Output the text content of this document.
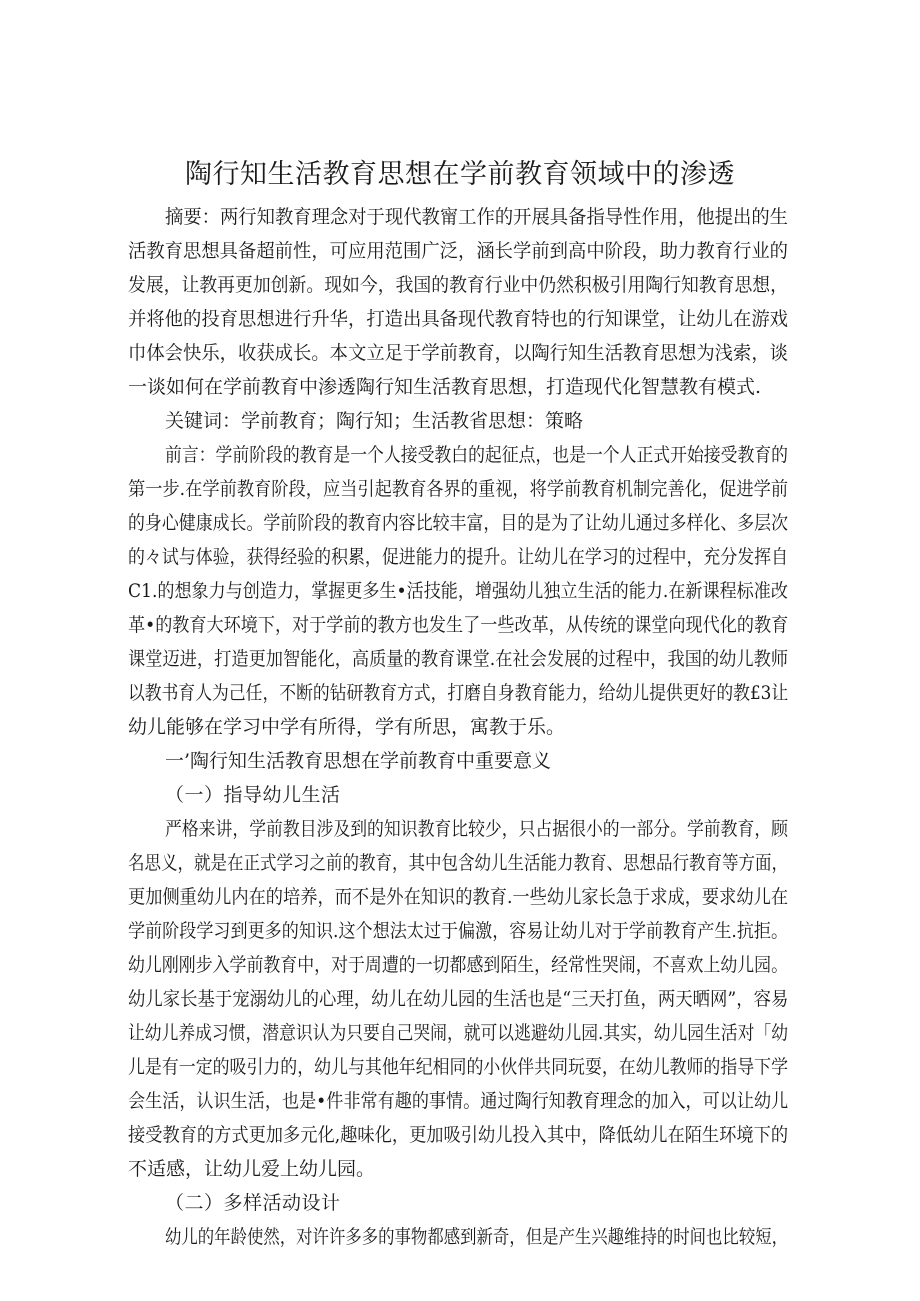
陶行知生活教育思想在学前教育领域中的渗透
摘要：两行知教育理念对于现代教甯工作的开展具备指导性作用，他提出的生
活教育思想具备超前性，可应用范围广泛，涵长学前到高中阶段，助力教育行业的
发展，让教再更加创新。现如今，我国的教育行业中仍然积极引用陶行知教育思想，
并将他的投育思想进行升华，打造出具备现代教育特也的行知课堂，让幼儿在游戏
巾体会快乐，收获成长。本文立足于学前教育，以陶行知生活教育思想为浅索，谈
一谈如何在学前教育中渗透陶行知生活教育思想，打造现代化智慧教有模式.
关键词：学前教育；陶行知；生活教省思想：策略
前言：学前阶段的教育是一个人接受教白的起征点，也是一个人正式开始接受教育的
第一步.在学前教育阶段，应当引起教育各界的重视，将学前教育机制完善化，促进学前
的身心健康成长。学前阶段的教育内容比较丰富，目的是为了让幼儿通过多样化、多层次
的々试与体验，获得经验的积累，促进能力的提升。让幼儿在学习的过程中，充分发挥自
C1.的想象力与创造力，掌握更多生•活技能，增强幼儿独立生活的能力.在新课程标准改
革•的教育大环境下，对于学前的教方也发生了一些改革，从传统的课堂向现代化的教育
课堂迈进，打造更加智能化，高质量的教育课堂.在社会发展的过程中，我国的幼儿教师
以教书育人为己任，不断的钻研教育方式，打磨自身教育能力，给幼儿提供更好的教£3让
幼儿能够在学习中学有所得，学有所思，寓教于乐。
一’陶行知生活教育思想在学前教育中重要意义
（一）指导幼儿生活
严格来讲，学前教目涉及到的知识教育比较少，只占据很小的一部分。学前教育，顾
名思义，就是在正式学习之前的教育，其中包含幼儿生活能力教育、思想品行教育等方面，
更加侧重幼儿内在的培养，而不是外在知识的教育.一些幼儿家长急于求成，要求幼儿在
学前阶段学习到更多的知识.这个想法太过于偏激，容易让幼儿对于学前教育产生.抗拒。
幼儿刚刚步入学前教育中，对于周遭的一切都感到陌生，经常性哭闹，不喜欢上幼儿园。
幼儿家长基于宠溺幼儿的心理，幼儿在幼儿园的生活也是“三天打鱼，两天晒网”，容易
让幼儿养成习惯，潜意识认为只要自己哭闹，就可以逃避幼儿园.其实，幼儿园生活对「幼
儿是有一定的吸引力的，幼儿与其他年纪相同的小伙伴共同玩耍，在幼儿教师的指导下学
会生活，认识生活，也是•件非常有趣的事情。通过陶行知教育理念的加入，可以让幼儿
接受教育的方式更加多元化,趣味化，更加吸引幼儿投入其中，降低幼儿在陌生环境下的
不适感，让幼儿爱上幼儿园。
（二）多样活动设计
幼儿的年龄使然，对许许多多的事物都感到新奇，但是产生兴趣维持的时间也比较短，
